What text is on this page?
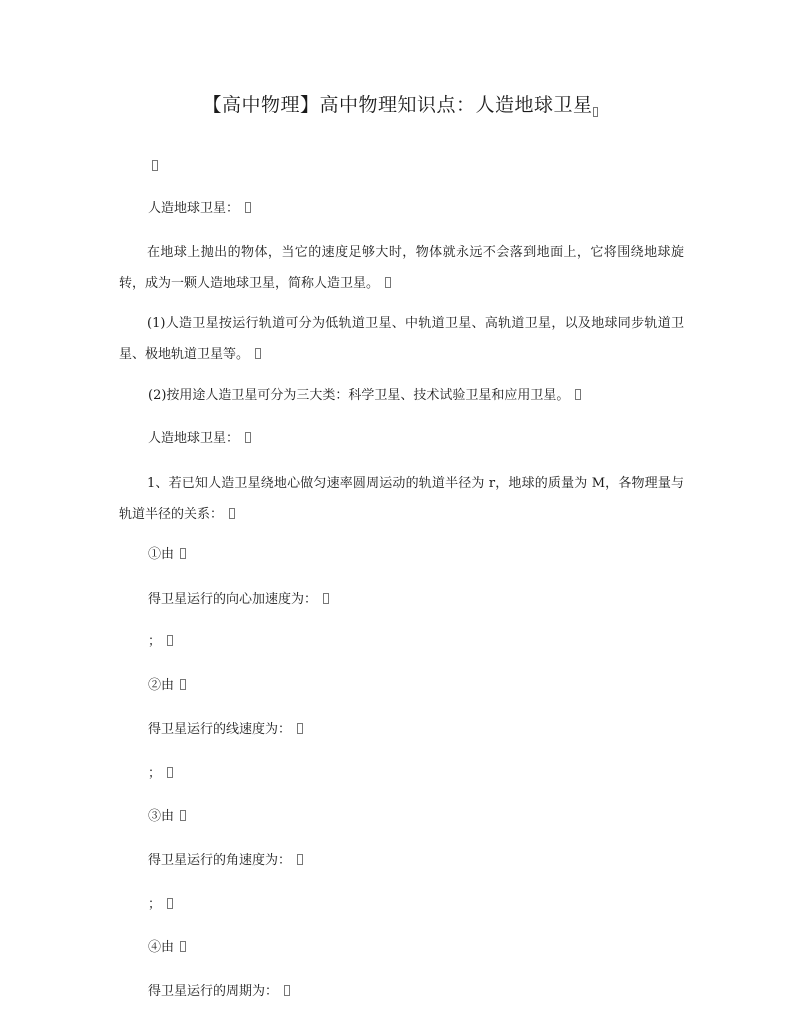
【高中物理】高中物理知识点：人造地球卫星
人造地球卫星：
在地球上抛出的物体，当它的速度足够大时，物体就永远不会落到地面上，它将围绕地球旋转，成为一颗人造地球卫星，简称人造卫星。
(1)人造卫星按运行轨道可分为低轨道卫星、中轨道卫星、高轨道卫星，以及地球同步轨道卫星、极地轨道卫星等。
(2)按用途人造卫星可分为三大类：科学卫星、技术试验卫星和应用卫星。
人造地球卫星：
1、若已知人造卫星绕地心做匀速率圆周运动的轨道半径为 r，地球的质量为 M，各物理量与轨道半径的关系：
①由
得卫星运行的向心加速度为：
；
②由
得卫星运行的线速度为：
；
③由
得卫星运行的角速度为：
；
④由
得卫星运行的周期为：
